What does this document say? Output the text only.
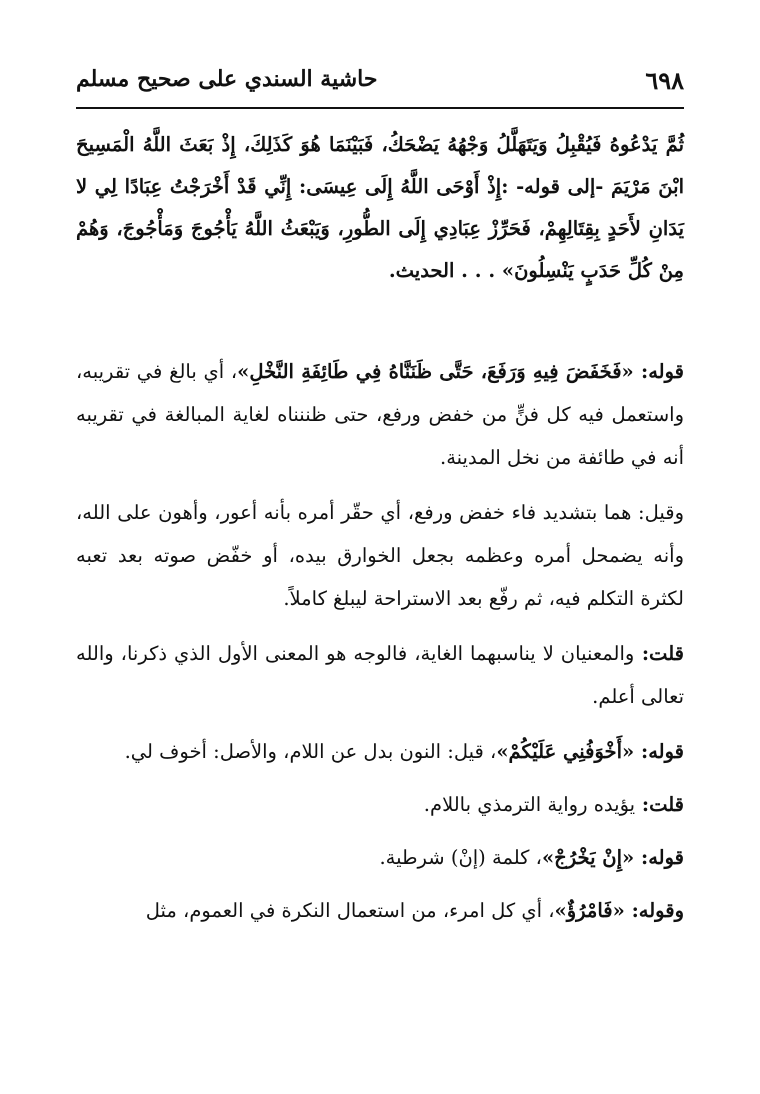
٦٩٨
حاشية السندي على صحيح مسلم

ثُمَّ يَدْعُوهُ فَيُقْبِلُ وَيَتَهَلَّلُ وَجْهُهُ يَضْحَكُ، فَبَيْنَمَا هُوَ كَذَلِكَ، إِذْ بَعَثَ اللَّهُ الْمَسِيحَ ابْنَ مَرْيَمَ -إلى قوله- :إِذْ أَوْحَى اللَّهُ إِلَى عِيسَى: إِنِّي قَدْ أَخْرَجْتُ عِبَادًا لِي لا يَدَانِ لأَحَدٍ بِقِتَالِهِمْ، فَحَرِّزْ عِبَادِي إِلَى الطُّورِ، وَيَبْعَثُ اللَّهُ يَأْجُوجَ وَمَأْجُوجَ، وَهُمْ مِنْ كُلِّ حَدَبٍ يَنْسِلُونَ» . . . الحديث.

قوله: «فَخَفَضَ فِيهِ وَرَفَعَ، حَتَّى ظَنَنَّاهُ فِي طَائِفَةِ النَّخْلِ»، أي بالغ في تقريبه، واستعمل فيه كل فنٍّ من خفض ورفع، حتى ظننناه لغاية المبالغة في تقريبه أنه في طائفة من نخل المدينة.

وقيل: هما بتشديد فاء خفض ورفع، أي حقّر أمره بأنه أعور، وأهون على الله، وأنه يضمحل أمره وعظمه بجعل الخوارق بيده، أو خفّض صوته بعد تعبه لكثرة التكلم فيه، ثم رفّع بعد الاستراحة ليبلغ كاملاً.

قلت: والمعنيان لا يناسبهما الغاية، فالوجه هو المعنى الأول الذي ذكرنا، والله تعالى أعلم.

قوله: «أَخْوَفُنِي عَلَيْكُمْ»، قيل: النون بدل عن اللام، والأصل: أخوف لي.

قلت: يؤيده رواية الترمذي باللام.

قوله: «إِنْ يَخْرُجْ»، كلمة (إنْ) شرطية.

وقوله: «فَامْرُؤٌ»، أي كل امرء، من استعمال النكرة في العموم، مثل
